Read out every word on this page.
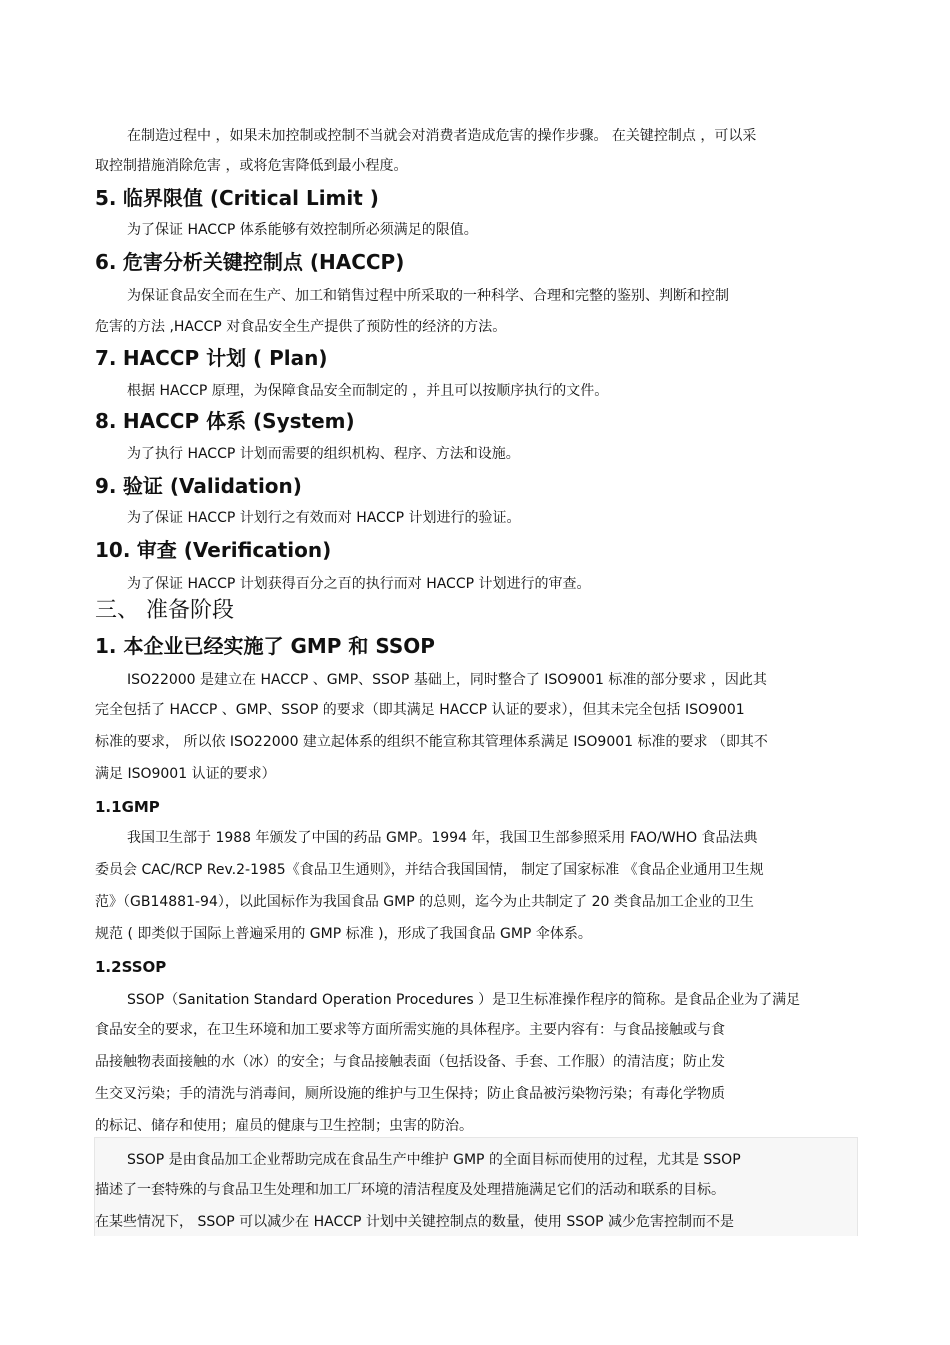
在制造过程中 ，如果未加控制或控制不当就会对消费者造成危害的操作步骤。 在关键控制点 ，可以采
取控制措施消除危害 ，或将危害降低到最小程度。
5. 临界限值 (Critical Limit )
为了保证 HACCP 体系能够有效控制所必须满足的限值。
6. 危害分析关键控制点 (HACCP)
为保证食品安全而在生产、加工和销售过程中所采取的一种科学、合理和完整的鉴别、判断和控制
危害的方法 ,HACCP 对食品安全生产提供了预防性的经济的方法。
7. HACCP 计划 ( Plan)
根据 HACCP 原理，为保障食品安全而制定的 ，并且可以按顺序执行的文件。
8. HACCP 体系 (System)
为了执行 HACCP 计划而需要的组织机构、程序、方法和设施。
9. 验证 (Validation)
为了保证 HACCP 计划行之有效而对 HACCP 计划进行的验证。
10. 审查 (Verification)
为了保证 HACCP 计划获得百分之百的执行而对 HACCP 计划进行的审查。
三、 准备阶段
1. 本企业已经实施了 GMP 和 SSOP
ISO22000 是建立在 HACCP 、GMP、SSOP 基础上，同时整合了 ISO9001 标准的部分要求 ，因此其
完全包括了 HACCP 、GMP、SSOP 的要求（即其满足 HACCP 认证的要求），但其未完全包括 ISO9001
标准的要求， 所以依 ISO22000 建立起体系的组织不能宣称其管理体系满足 ISO9001 标准的要求 （即其不
满足 ISO9001 认证的要求）
1.1GMP
我国卫生部于 1988 年颁发了中国的药品 GMP。1994 年，我国卫生部参照采用 FAO/WHO 食品法典
委员会 CAC/RCP Rev.2-1985《食品卫生通则》，并结合我国国情， 制定了国家标准 《食品企业通用卫生规
范》（GB14881-94），以此国标作为我国食品 GMP 的总则，迄今为止共制定了 20 类食品加工企业的卫生
规范 ( 即类似于国际上普遍采用的 GMP 标准 )，形成了我国食品 GMP 伞体系。
1.2SSOP
SSOP（Sanitation Standard Operation Procedures ）是卫生标准操作程序的简称。是食品企业为了满足
食品安全的要求，在卫生环境和加工要求等方面所需实施的具体程序。主要内容有：与食品接触或与食
品接触物表面接触的水（冰）的安全；与食品接触表面（包括设备、手套、工作服）的清洁度；防止发
生交叉污染；手的清洗与消毒间，厕所设施的维护与卫生保持；防止食品被污染物污染；有毒化学物质
的标记、储存和使用；雇员的健康与卫生控制；虫害的防治。
SSOP 是由食品加工企业帮助完成在食品生产中维护 GMP 的全面目标而使用的过程，尤其是 SSOP
描述了一套特殊的与食品卫生处理和加工厂环境的清洁程度及处理措施满足它们的活动和联系的目标。
在某些情况下， SSOP 可以减少在 HACCP 计划中关键控制点的数量，使用 SSOP 减少危害控制而不是
